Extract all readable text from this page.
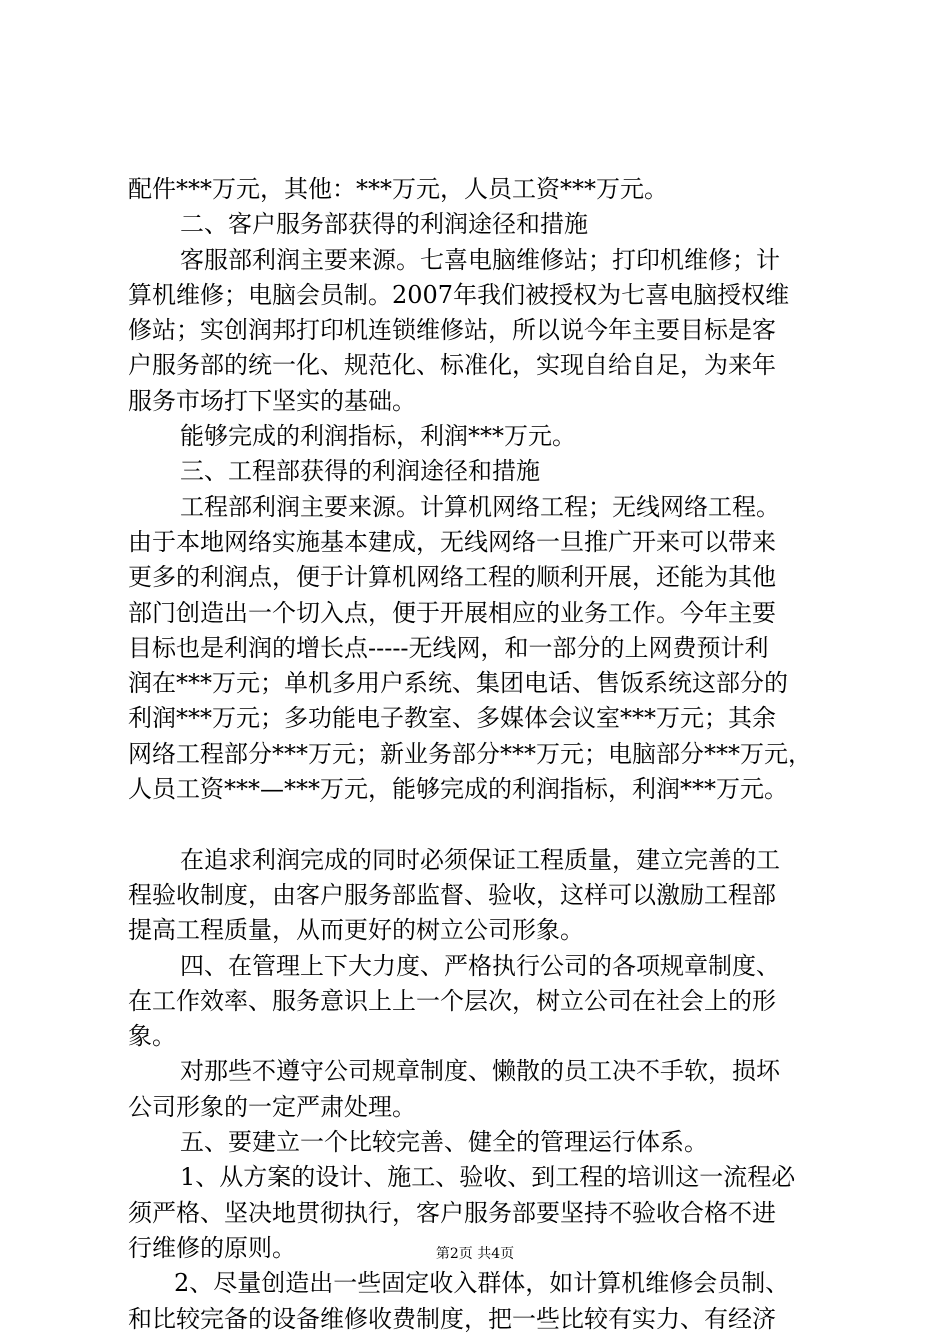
配件***万元，其他：***万元，人员工资***万元。
二、客户服务部获得的利润途径和措施
客服部利润主要来源。七喜电脑维修站；打印机维修；计
算机维修；电脑会员制。2007年我们被授权为七喜电脑授权维
修站；实创润邦打印机连锁维修站，所以说今年主要目标是客
户服务部的统一化、规范化、标准化，实现自给自足，为来年
服务市场打下坚实的基础。
能够完成的利润指标，利润***万元。
三、工程部获得的利润途径和措施
工程部利润主要来源。计算机网络工程；无线网络工程。
由于本地网络实施基本建成，无线网络一旦推广开来可以带来
更多的利润点，便于计算机网络工程的顺利开展，还能为其他
部门创造出一个切入点，便于开展相应的业务工作。今年主要
目标也是利润的增长点-----无线网，和一部分的上网费预计利
润在***万元；单机多用户系统、集团电话、售饭系统这部分的
利润***万元；多功能电子教室、多媒体会议室***万元；其余
网络工程部分***万元；新业务部分***万元；电脑部分***万元，
人员工资***—***万元，能够完成的利润指标，利润***万元。
在追求利润完成的同时必须保证工程质量，建立完善的工
程验收制度，由客户服务部监督、验收，这样可以激励工程部
提高工程质量，从而更好的树立公司形象。
四、在管理上下大力度、严格执行公司的各项规章制度、
在工作效率、服务意识上上一个层次，树立公司在社会上的形
象。
对那些不遵守公司规章制度、懒散的员工决不手软，损坏
公司形象的一定严肃处理。
五、要建立一个比较完善、健全的管理运行体系。
1、从方案的设计、施工、验收、到工程的培训这一流程必
须严格、坚决地贯彻执行，客户服务部要坚持不验收合格不进
行维修的原则。
2、尽量创造出一些固定收入群体，如计算机维修会员制、
和比较完备的设备维修收费制度，把一些比较有实力、有经济
第2页 共4页
